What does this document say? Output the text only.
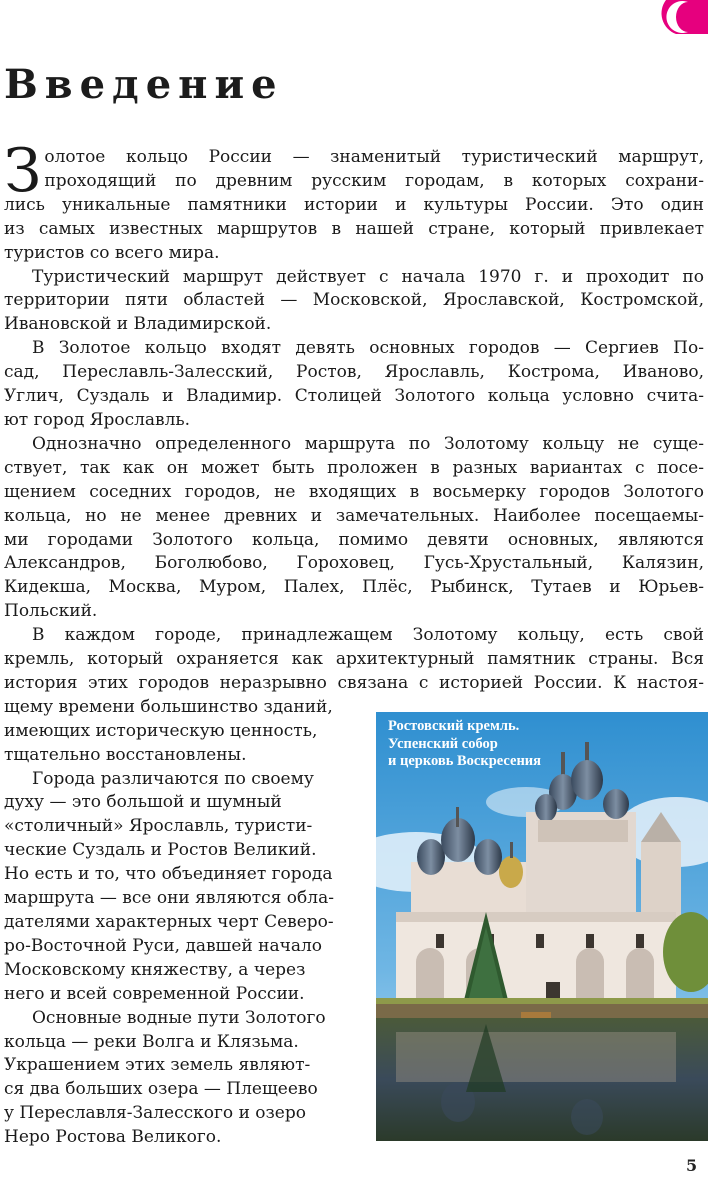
Введение

З олотое кольцо России — знаменитый туристический маршрут,
проходящий по древним русским городам, в которых сохрани-
лись уникальные памятники истории и культуры России. Это один
из самых известных маршрутов в нашей стране, который привлекает
туристов со всего мира.

Туристический маршрут действует с начала 1970 г. и проходит по
территории пяти областей — Московской, Ярославской, Костромской,
Ивановской и Владимирской.

В Золотое кольцо входят девять основных городов — Сергиев По-
сад, Переславль-Залесский, Ростов, Ярославль, Кострома, Иваново,
Углич, Суздаль и Владимир. Столицей Золотого кольца условно счита-
ют город Ярославль.

Однозначно определенного маршрута по Золотому кольцу не суще-
ствует, так как он может быть проложен в разных вариантах с посе-
щением соседних городов, не входящих в восьмерку городов Золотого
кольца, но не менее древних и замечательных. Наиболее посещаемы-
ми городами Золотого кольца, помимо девяти основных, являются
Александров, Боголюбово, Гороховец, Гусь-Хрустальный, Калязин,
Кидекша, Москва, Муром, Палех, Плёс, Рыбинск, Тутаев и Юрьев-
Польский.

В каждом городе, принадлежащем Золотому кольцу, есть свой
кремль, который охраняется как архитектурный памятник страны. Вся
история этих городов неразрывно связана с историей России. К настоя-
щему времени большинство зданий,
имеющих историческую ценность,
тщательно восстановлены.

Города различаются по своему
духу — это большой и шумный
«столичный» Ярославль, туристи-
ческие Суздаль и Ростов Великий.
Но есть и то, что объединяет города
маршрута — все они являются обла-
дателями характерных черт Северо-
ро-Восточной Руси, давшей начало
Московскому княжеству, а через
него и всей современной России.

Основные водные пути Золотого
кольца — реки Волга и Клязьма.
Украшением этих земель являют-
ся два больших озера — Плещеево
у Переславля-Залесского и озеро
Неро Ростова Великого.

Ростовский кремль.
Успенский собор
и церковь Воскресения
5
